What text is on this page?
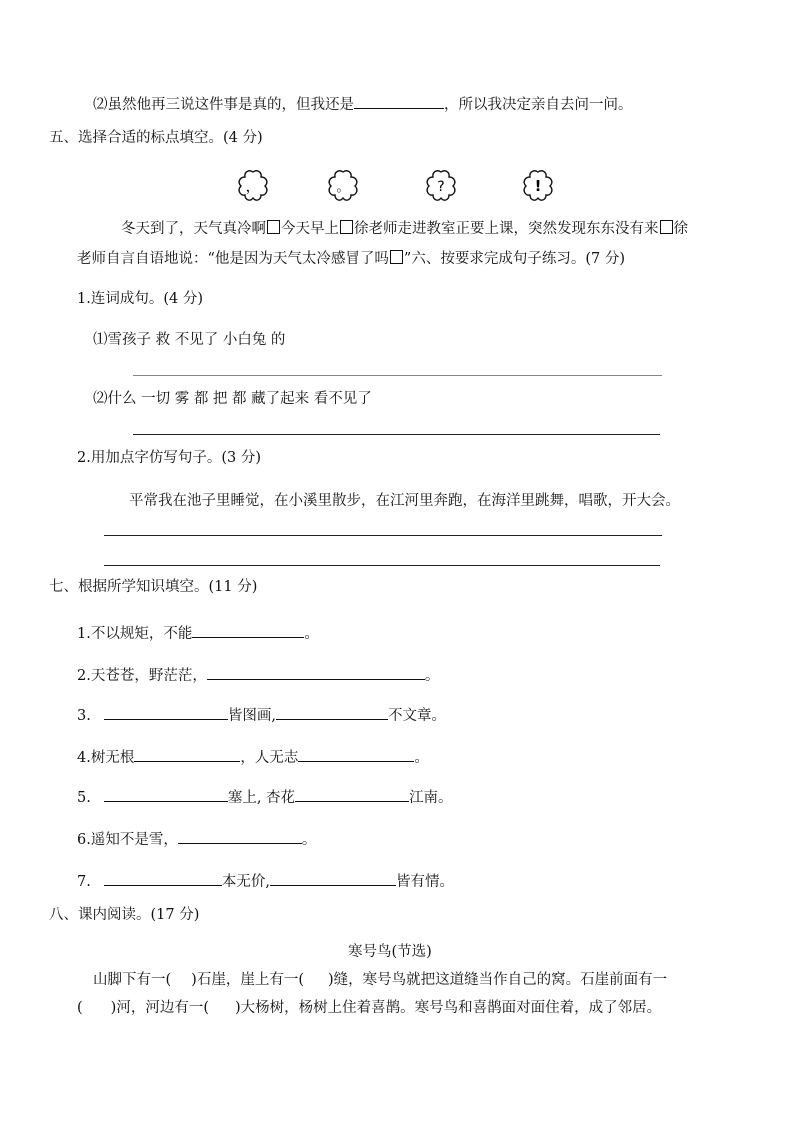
⑵虽然他再三说这件事是真的，但我还是	，所以我决定亲自去问一问。
五、选择合适的标点填空。(4 分)
，	。	?	!
冬天到了，天气真冷啊 今天早上 徐老师走进教室正要上课，突然发现东东没有来 徐
老师自言自语地说：“他是因为天气太冷感冒了吗 ”六、按要求完成句子练习。(7 分)
1.连词成句。(4 分)
⑴雪孩子 救 不见了 小白兔 的
⑵什么 一切 雾 都 把 都 藏了起来 看不见了
2.用加点字仿写句子。(3 分)
平常我在池子里睡觉，在小溪里散步，在江河里奔跑，在海洋里跳舞，唱歌，开大会。
七、根据所学知识填空。(11 分)
1.不以规矩，不能	。
2.天苍苍，野茫茫，	。
3.	皆图画,	不文章。
4.树无根	，人无志	。
5.	塞上, 杏花	江南。
6.遥知不是雪，	。
7.	本无价,	皆有情。
八、课内阅读。(17 分)
寒号鸟(节选)
山脚下有一( )石崖，崖上有一( )缝，寒号鸟就把这道缝当作自己的窝。石崖前面有一
( )河，河边有一( )大杨树，杨树上住着喜鹊。寒号鸟和喜鹊面对面住着，成了邻居。
